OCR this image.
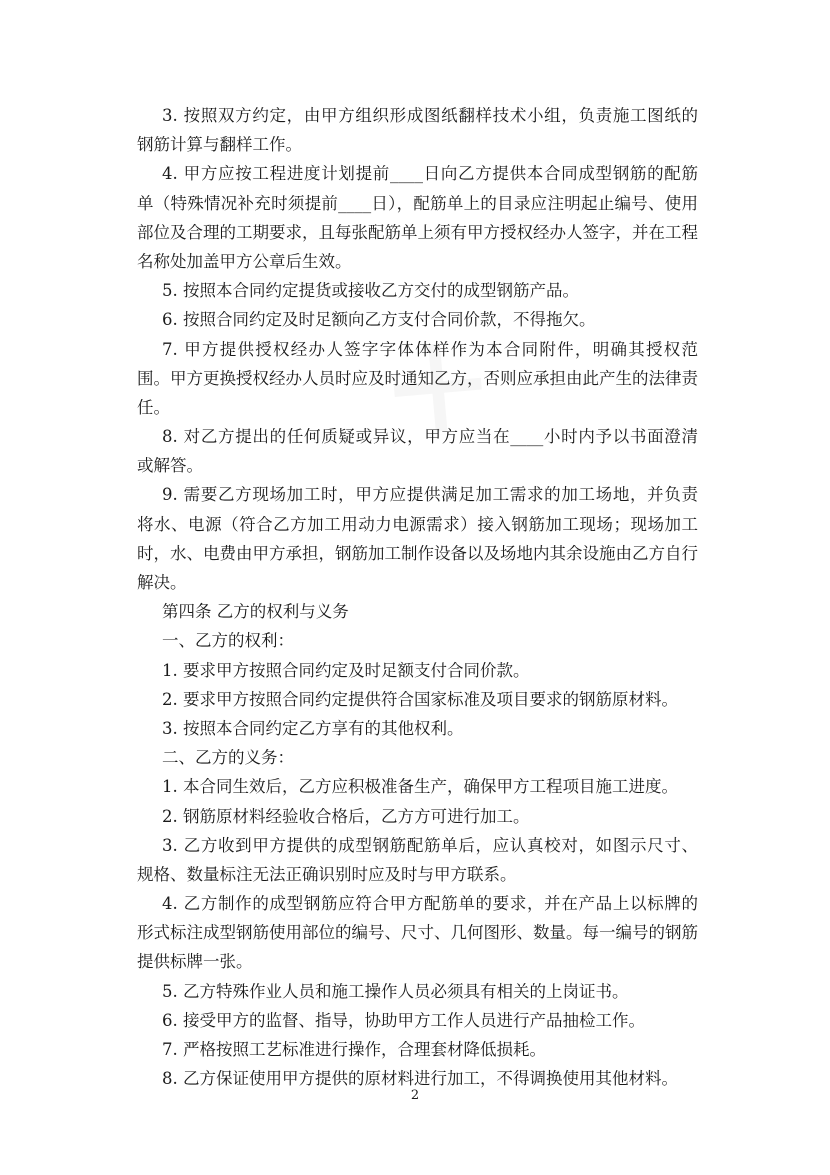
3. 按照双方约定，由甲方组织形成图纸翻样技术小组，负责施工图纸的
钢筋计算与翻样工作。
4. 甲方应按工程进度计划提前____日向乙方提供本合同成型钢筋的配筋
单（特殊情况补充时须提前____日），配筋单上的目录应注明起止编号、使用
部位及合理的工期要求，且每张配筋单上须有甲方授权经办人签字，并在工程
名称处加盖甲方公章后生效。
5. 按照本合同约定提货或接收乙方交付的成型钢筋产品。
6. 按照合同约定及时足额向乙方支付合同价款，不得拖欠。
7. 甲方提供授权经办人签字字体体样作为本合同附件，明确其授权范
围。甲方更换授权经办人员时应及时通知乙方，否则应承担由此产生的法律责
任。
8. 对乙方提出的任何质疑或异议，甲方应当在____小时内予以书面澄清
或解答。
9. 需要乙方现场加工时，甲方应提供满足加工需求的加工场地，并负责
将水、电源（符合乙方加工用动力电源需求）接入钢筋加工现场；现场加工
时，水、电费由甲方承担，钢筋加工制作设备以及场地内其余设施由乙方自行
解决。
第四条 乙方的权利与义务
一、乙方的权利：
1. 要求甲方按照合同约定及时足额支付合同价款。
2. 要求甲方按照合同约定提供符合国家标准及项目要求的钢筋原材料。
3. 按照本合同约定乙方享有的其他权利。
二、乙方的义务：
1. 本合同生效后，乙方应积极准备生产，确保甲方工程项目施工进度。
2. 钢筋原材料经验收合格后，乙方方可进行加工。
3. 乙方收到甲方提供的成型钢筋配筋单后，应认真校对，如图示尺寸、
规格、数量标注无法正确识别时应及时与甲方联系。
4. 乙方制作的成型钢筋应符合甲方配筋单的要求，并在产品上以标牌的
形式标注成型钢筋使用部位的编号、尺寸、几何图形、数量。每一编号的钢筋
提供标牌一张。
5. 乙方特殊作业人员和施工操作人员必须具有相关的上岗证书。
6. 接受甲方的监督、指导，协助甲方工作人员进行产品抽检工作。
7. 严格按照工艺标准进行操作，合理套材降低损耗。
8. 乙方保证使用甲方提供的原材料进行加工，不得调换使用其他材料。
2
